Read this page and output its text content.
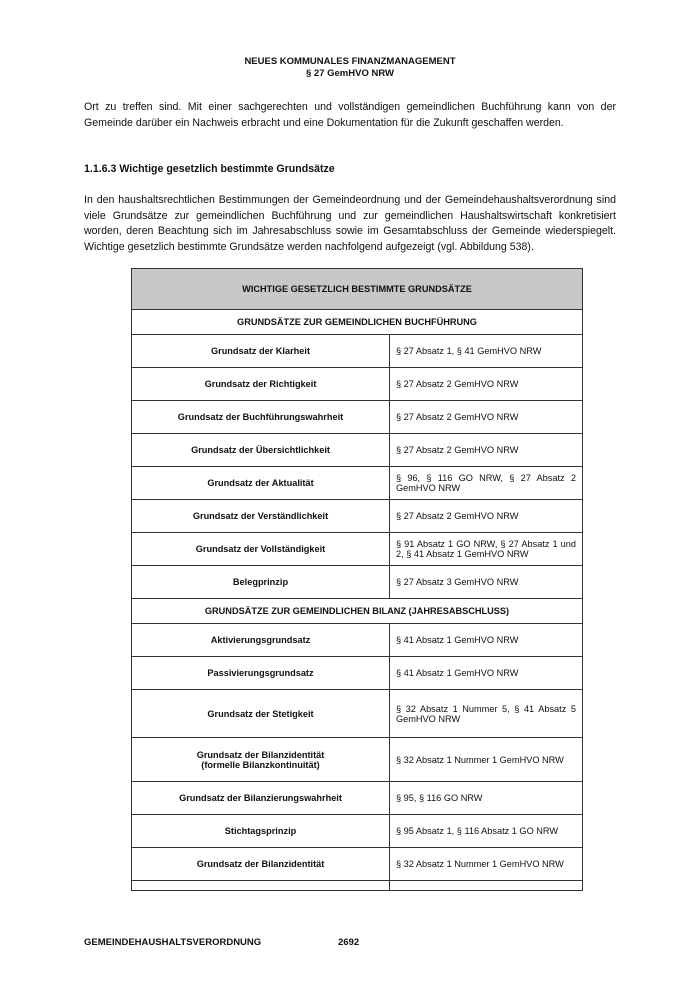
NEUES KOMMUNALES FINANZMANAGEMENT
§ 27 GemHVO NRW

Ort zu treffen sind. Mit einer sachgerechten und vollständigen gemeindlichen Buchführung kann von der Gemeinde darüber ein Nachweis erbracht und eine Dokumentation für die Zukunft geschaffen werden.

1.1.6.3 Wichtige gesetzlich bestimmte Grundsätze

In den haushaltsrechtlichen Bestimmungen der Gemeindeordnung und der Gemeindehaushaltsverordnung sind viele Grundsätze zur gemeindlichen Buchführung und zur gemeindlichen Haushaltswirtschaft konkretisiert worden, deren Beachtung sich im Jahresabschluss sowie im Gesamtabschluss der Gemeinde wiederspiegelt. Wichtige gesetzlich bestimmte Grundsätze werden nachfolgend aufgezeigt (vgl. Abbildung 538).

WICHTIGE GESETZLICH BESTIMMTE GRUNDSÄTZE	
GRUNDSÄTZE ZUR GEMEINDLICHEN BUCHFÜHRUNG	
Grundsatz der Klarheit	§ 27 Absatz 1, § 41 GemHVO NRW
Grundsatz der Richtigkeit	§ 27 Absatz 2 GemHVO NRW
Grundsatz der Buchführungswahrheit	§ 27 Absatz 2 GemHVO NRW
Grundsatz der Übersichtlichkeit	§ 27 Absatz 2 GemHVO NRW
Grundsatz der Aktualität	§ 96, § 116 GO NRW, § 27 Absatz 2 GemHVO NRW
Grundsatz der Verständlichkeit	§ 27 Absatz 2 GemHVO NRW
Grundsatz der Vollständigkeit	§ 91 Absatz 1 GO NRW, § 27 Absatz 1 und 2, § 41 Absatz 1 GemHVO NRW
Belegprinzip	§ 27 Absatz 3 GemHVO NRW
GRUNDSÄTZE ZUR GEMEINDLICHEN BILANZ (JAHRESABSCHLUSS)	
Aktivierungsgrundsatz	§ 41 Absatz 1 GemHVO NRW
Passivierungsgrundsatz	§ 41 Absatz 1 GemHVO NRW
Grundsatz der Stetigkeit	§ 32 Absatz 1 Nummer 5, § 41 Absatz 5 GemHVO NRW

Grundsatz der Bilanzidentität
(formelle Bilanzkontinuität)	§ 32 Absatz 1 Nummer 1 GemHVO NRW
Grundsatz der Bilanzierungswahrheit	§ 95, § 116 GO NRW
Stichtagsprinzip	§ 95 Absatz 1, § 116 Absatz 1 GO NRW
Grundsatz der Bilanzidentität	§ 32 Absatz 1 Nummer 1 GemHVO NRW

GEMEINDEHAUSHALTSVERORDNUNG	2692
